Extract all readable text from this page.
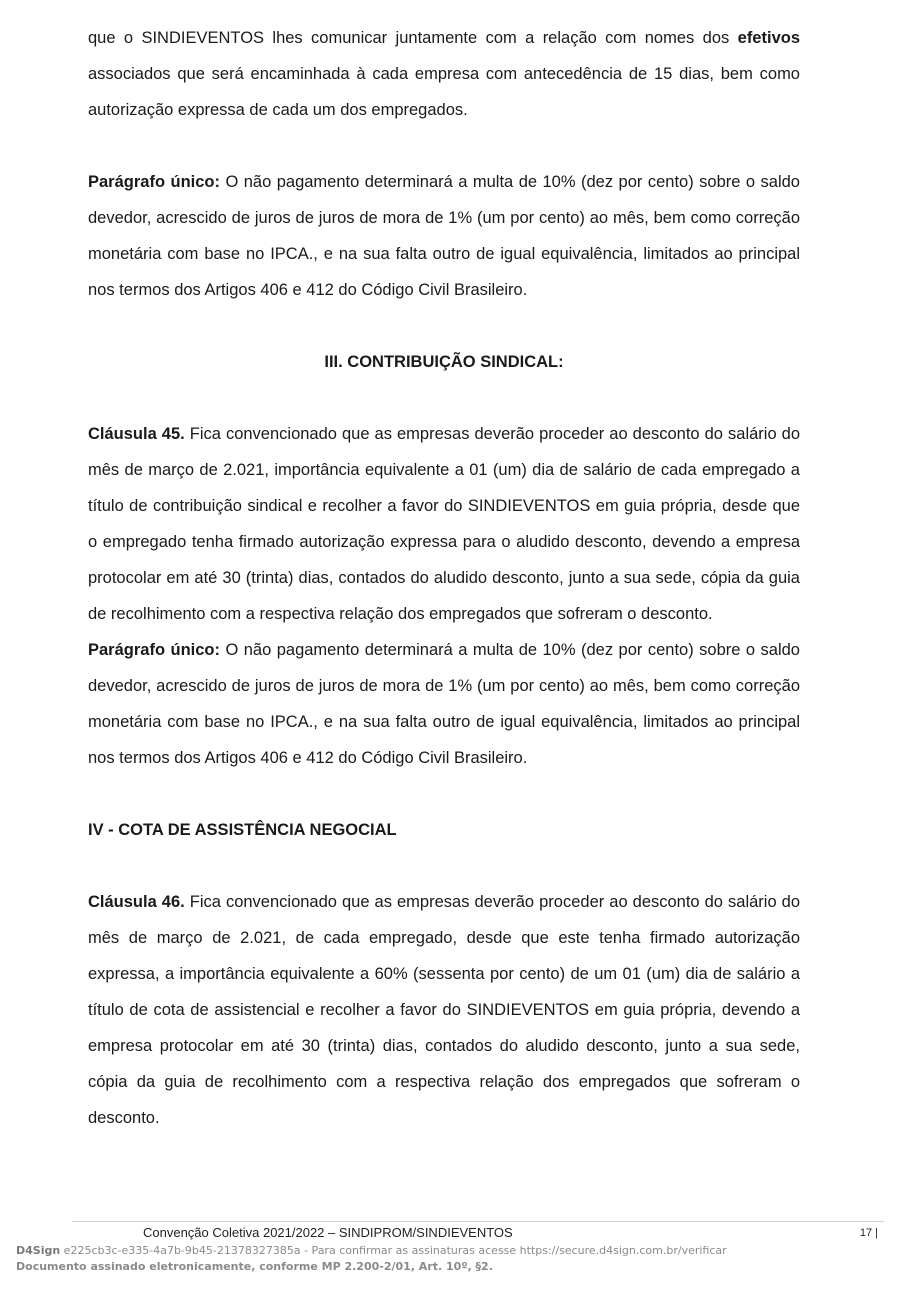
que o SINDIEVENTOS lhes comunicar juntamente com a relação com nomes dos efetivos associados que será encaminhada à cada empresa com antecedência de 15 dias, bem como autorização expressa de cada um dos empregados.

Parágrafo único: O não pagamento determinará a multa de 10% (dez por cento) sobre o saldo devedor, acrescido de juros de juros de mora de 1% (um por cento) ao mês, bem como correção monetária com base no IPCA., e na sua falta outro de igual equivalência, limitados ao principal nos termos dos Artigos 406 e 412 do Código Civil Brasileiro.

III. CONTRIBUIÇÃO SINDICAL:

Cláusula 45. Fica convencionado que as empresas deverão proceder ao desconto do salário do mês de março de 2.021, importância equivalente a 01 (um) dia de salário de cada empregado a título de contribuição sindical e recolher a favor do SINDIEVENTOS em guia própria, desde que o empregado tenha firmado autorização expressa para o aludido desconto, devendo a empresa protocolar em até 30 (trinta) dias, contados do aludido desconto, junto a sua sede, cópia da guia de recolhimento com a respectiva relação dos empregados que sofreram o desconto.

Parágrafo único: O não pagamento determinará a multa de 10% (dez por cento) sobre o saldo devedor, acrescido de juros de juros de mora de 1% (um por cento) ao mês, bem como correção monetária com base no IPCA., e na sua falta outro de igual equivalência, limitados ao principal nos termos dos Artigos 406 e 412 do Código Civil Brasileiro.

IV - COTA DE ASSISTÊNCIA NEGOCIAL

Cláusula 46. Fica convencionado que as empresas deverão proceder ao desconto do salário do mês de março de 2.021, de cada empregado, desde que este tenha firmado autorização expressa, a importância equivalente a 60% (sessenta por cento) de um 01 (um) dia de salário a título de cota de assistencial e recolher a favor do SINDIEVENTOS em guia própria, devendo a empresa protocolar em até 30 (trinta) dias, contados do aludido desconto, junto a sua sede, cópia da guia de recolhimento com a respectiva relação dos empregados que sofreram o desconto.

Convenção Coletiva 2021/2022 – SINDIPROM/SINDIEVENTOS	17 |
D4Sign e225cb3c-e335-4a7b-9b45-21378327385a - Para confirmar as assinaturas acesse https://secure.d4sign.com.br/verificar
Documento assinado eletronicamente, conforme MP 2.200-2/01, Art. 10º, §2.
